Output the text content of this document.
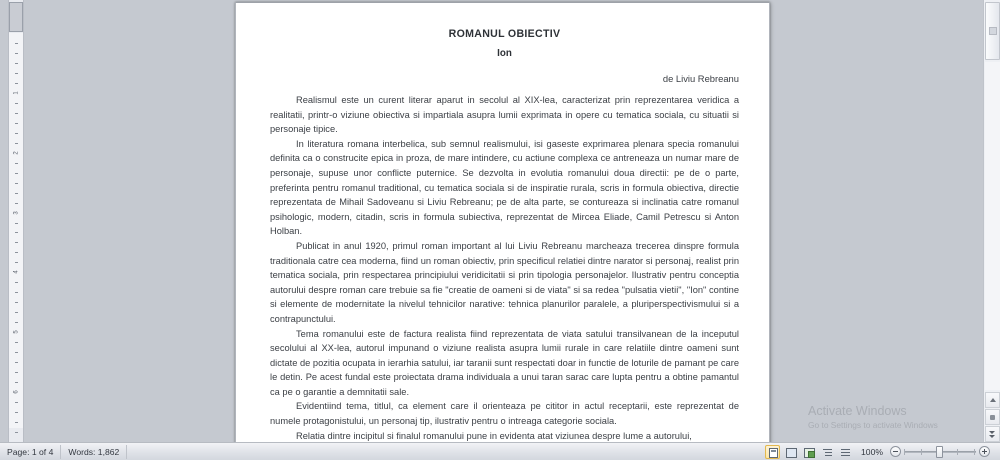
1
2
3
4
5
6
ROMANUL OBIECTIV
Ion
de Liviu Rebreanu

Realismul este un curent literar aparut in secolul al XIX-lea, caracterizat prin reprezentarea veridica a realitatii, printr-o viziune obiectiva si impartiala asupra lumii exprimata in opere cu tematica sociala, cu situatii si personaje tipice.

In literatura romana interbelica, sub semnul realismului, isi gaseste exprimarea plenara specia romanului definita ca o construcite epica in proza, de mare intindere, cu actiune complexa ce antreneaza un numar mare de personaje, supuse unor conflicte puternice. Se dezvolta in evolutia romanului doua directii: pe de o parte, preferinta pentru romanul traditional, cu tematica sociala si de inspiratie rurala, scris in formula obiectiva, directie reprezentata de Mihail Sadoveanu si Liviu Rebreanu; pe de alta parte, se contureaza si inclinatia catre romanul psihologic, modern, citadin, scris in formula subiectiva, reprezentat de Mircea Eliade, Camil Petrescu si Anton Holban.

Publicat in anul 1920, primul roman important al lui Liviu Rebreanu marcheaza trecerea dinspre formula traditionala catre cea moderna, fiind un roman obiectiv, prin specificul relatiei dintre narator si personaj, realist prin tematica sociala, prin respectarea principiului veridicitatii si prin tipologia personajelor. Ilustrativ pentru conceptia autorului despre roman care trebuie sa fie "creatie de oameni si de viata" si sa redea "pulsatia vietii", "Ion" contine si elemente de modernitate la nivelul tehnicilor narative: tehnica planurilor paralele, a pluriperspectivismului si a contrapunctului.

Tema romanului este de factura realista fiind reprezentata de viata satului transilvanean de la inceputul secolului al XX-lea, autorul impunand o viziune realista asupra lumii rurale in care relatiile dintre oameni sunt dictate de pozitia ocupata in ierarhia satului, iar taranii sunt respectati doar in functie de loturile de pamant pe care le detin. Pe acest fundal este proiectata drama individuala a unui taran sarac care lupta pentru a obtine pamantul ca pe o garantie a demnitatii sale.

Evidentiind tema, titlul, ca element care il orienteaza pe cititor in actul receptarii, este reprezentat de numele protagonistului, un personaj tip, ilustrativ pentru o intreaga categorie sociala.

Relatia dintre incipitul si finalul romanului pune in evidenta atat viziunea despre lume a autorului,

Activate Windows
Go to Settings to activate Windows
Page: 1 of 4	Words: 1,862	100%
